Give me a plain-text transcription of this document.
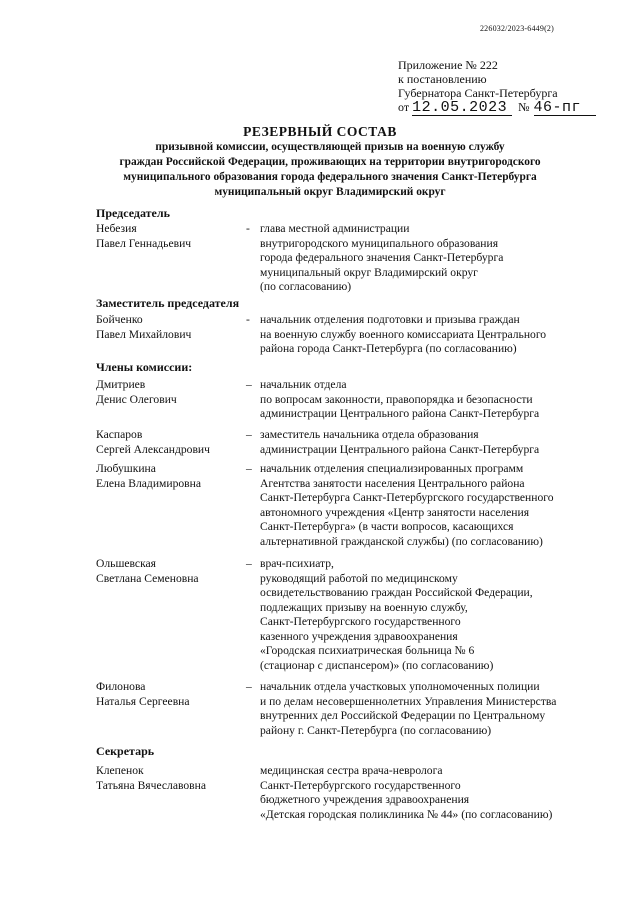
226032/2023-6449(2)
Приложение № 222
к постановлению
Губернатора Санкт-Петербурга
от 12.05.2023 № 46-пг
РЕЗЕРВНЫЙ СОСТАВ
призывной комиссии, осуществляющей призыв на военную службу
граждан Российской Федерации, проживающих на территории внутригородского
муниципального образования города федерального значения Санкт-Петербурга
муниципальный округ Владимирский округ
Председатель
Небезия
Павел Геннадьевич
- глава местной администрации
внутригородского муниципального образования
города федерального значения Санкт-Петербурга
муниципальный округ Владимирский округ
(по согласованию)
Заместитель председателя
Бойченко
Павел Михайлович
- начальник отделения подготовки и призыва граждан
на военную службу военного комиссариата Центрального
района города Санкт-Петербурга (по согласованию)
Члены комиссии:
Дмитриев
Денис Олегович
– начальник отдела
по вопросам законности, правопорядка и безопасности
администрации Центрального района Санкт-Петербурга
Каспаров
Сергей Александрович
– заместитель начальника отдела образования
администрации Центрального района Санкт-Петербурга
Любушкина
Елена Владимировна
– начальник отделения специализированных программ
Агентства занятости населения Центрального района
Санкт-Петербурга Санкт-Петербургского государственного
автономного учреждения «Центр занятости населения
Санкт-Петербурга» (в части вопросов, касающихся
альтернативной гражданской службы) (по согласованию)
Ольшевская
Светлана Семеновна
– врач-психиатр,
руководящий работой по медицинскому
освидетельствованию граждан Российской Федерации,
подлежащих призыву на военную службу,
Санкт-Петербургского государственного
казенного учреждения здравоохранения
«Городская психиатрическая больница № 6
(стационар с диспансером)» (по согласованию)
Филонова
Наталья Сергеевна
– начальник отдела участковых уполномоченных полиции
и по делам несовершеннолетних Управления Министерства
внутренних дел Российской Федерации по Центральному
району г. Санкт-Петербурга (по согласованию)
Секретарь
Клепенок
Татьяна Вячеславовна
медицинская сестра врача-невролога
Санкт-Петербургского государственного
бюджетного учреждения здравоохранения
«Детская городская поликлиника № 44» (по согласованию)
